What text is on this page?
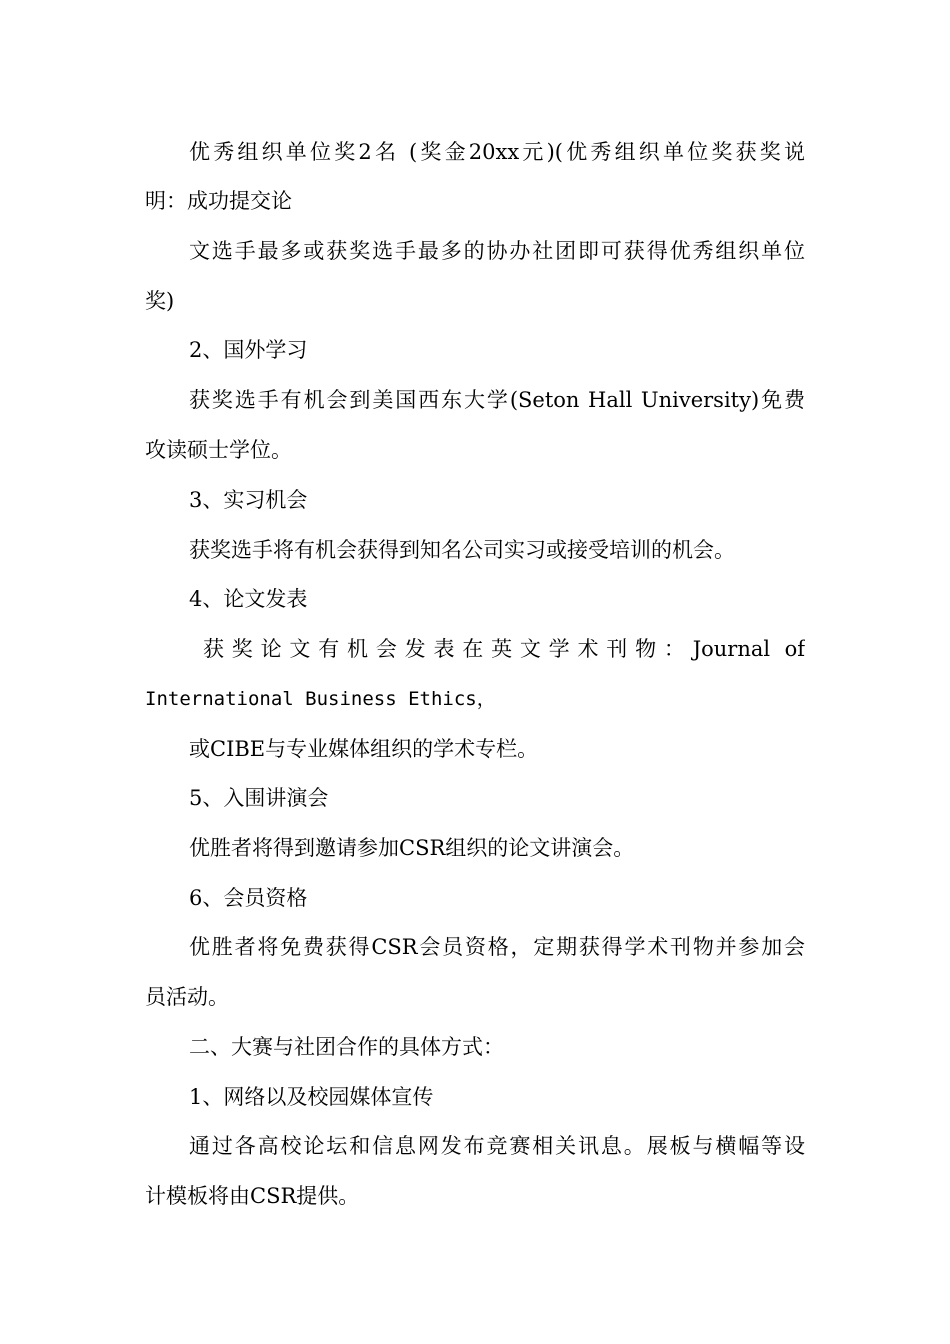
优秀组织单位奖2名 (奖金20xx元)(优秀组织单位奖获奖说
明：成功提交论
文选手最多或获奖选手最多的协办社团即可获得优秀组织单位
奖)
2、国外学习
获奖选手有机会到美国西东大学(Seton Hall University)免费
攻读硕士学位。
3、实习机会
获奖选手将有机会获得到知名公司实习或接受培训的机会。
4、论文发表
获奖论文有机会发表在英文学术刊物：Journal of
International Business Ethics，
或CIBE与专业媒体组织的学术专栏。
5、入围讲演会
优胜者将得到邀请参加CSR组织的论文讲演会。
6、会员资格
优胜者将免费获得CSR会员资格，定期获得学术刊物并参加会
员活动。
二、大赛与社团合作的具体方式：
1、网络以及校园媒体宣传
通过各高校论坛和信息网发布竞赛相关讯息。展板与横幅等设
计模板将由CSR提供。
